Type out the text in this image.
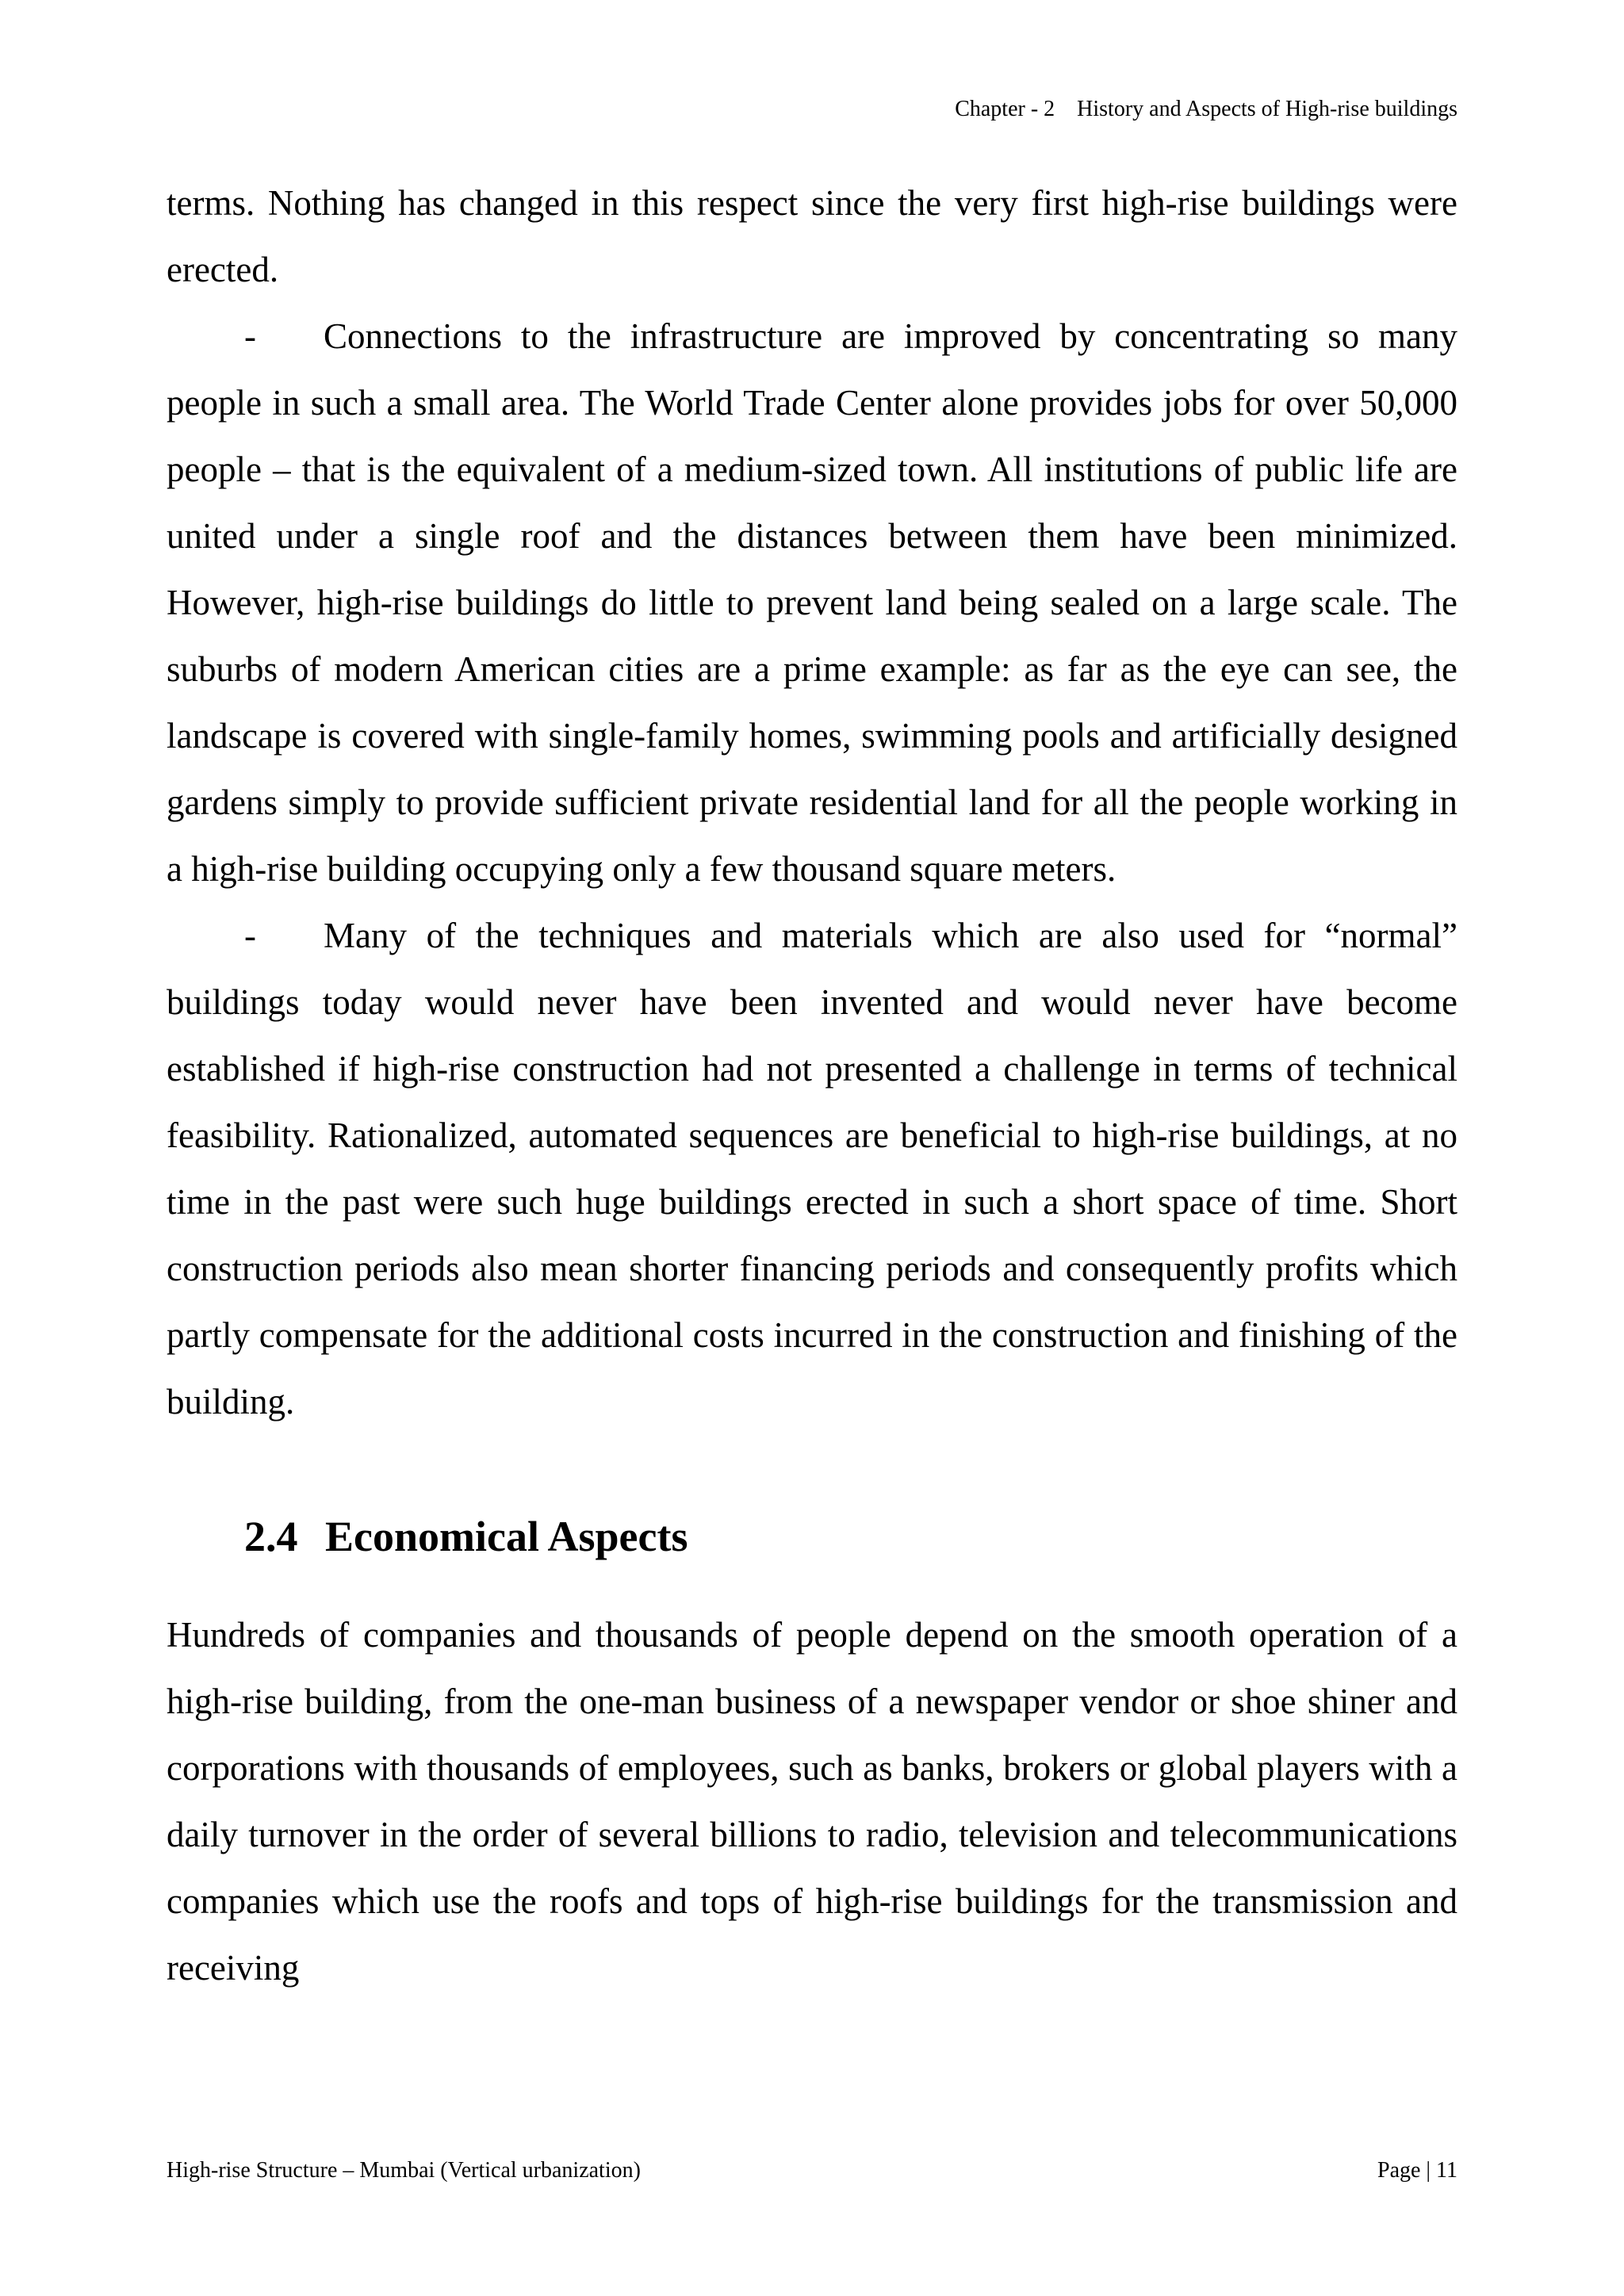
Chapter - 2    History and Aspects of High-rise buildings

terms. Nothing has changed in this respect since the very first high-rise buildings were erected.

- Connections to the infrastructure are improved by concentrating so many people in such a small area. The World Trade Center alone provides jobs for over 50,000 people – that is the equivalent of a medium-sized town. All institutions of public life are united under a single roof and the distances between them have been minimized. However, high-rise buildings do little to prevent land being sealed on a large scale. The suburbs of modern American cities are a prime example: as far as the eye can see, the landscape is covered with single-family homes, swimming pools and artificially designed gardens simply to provide sufficient private residential land for all the people working in a high-rise building occupying only a few thousand square meters.

- Many of the techniques and materials which are also used for “normal” buildings today would never have been invented and would never have become established if high-rise construction had not presented a challenge in terms of technical feasibility. Rationalized, automated sequences are beneficial to high-rise buildings, at no time in the past were such huge buildings erected in such a short space of time. Short construction periods also mean shorter financing periods and consequently profits which partly compensate for the additional costs incurred in the construction and finishing of the building.

2.4 Economical Aspects

Hundreds of companies and thousands of people depend on the smooth operation of a high-rise building, from the one-man business of a newspaper vendor or shoe shiner and corporations with thousands of employees, such as banks, brokers or global players with a daily turnover in the order of several billions to radio, television and telecommunications companies which use the roofs and tops of high-rise buildings for the transmission and receiving

High-rise Structure – Mumbai (Vertical urbanization)	Page | 11
